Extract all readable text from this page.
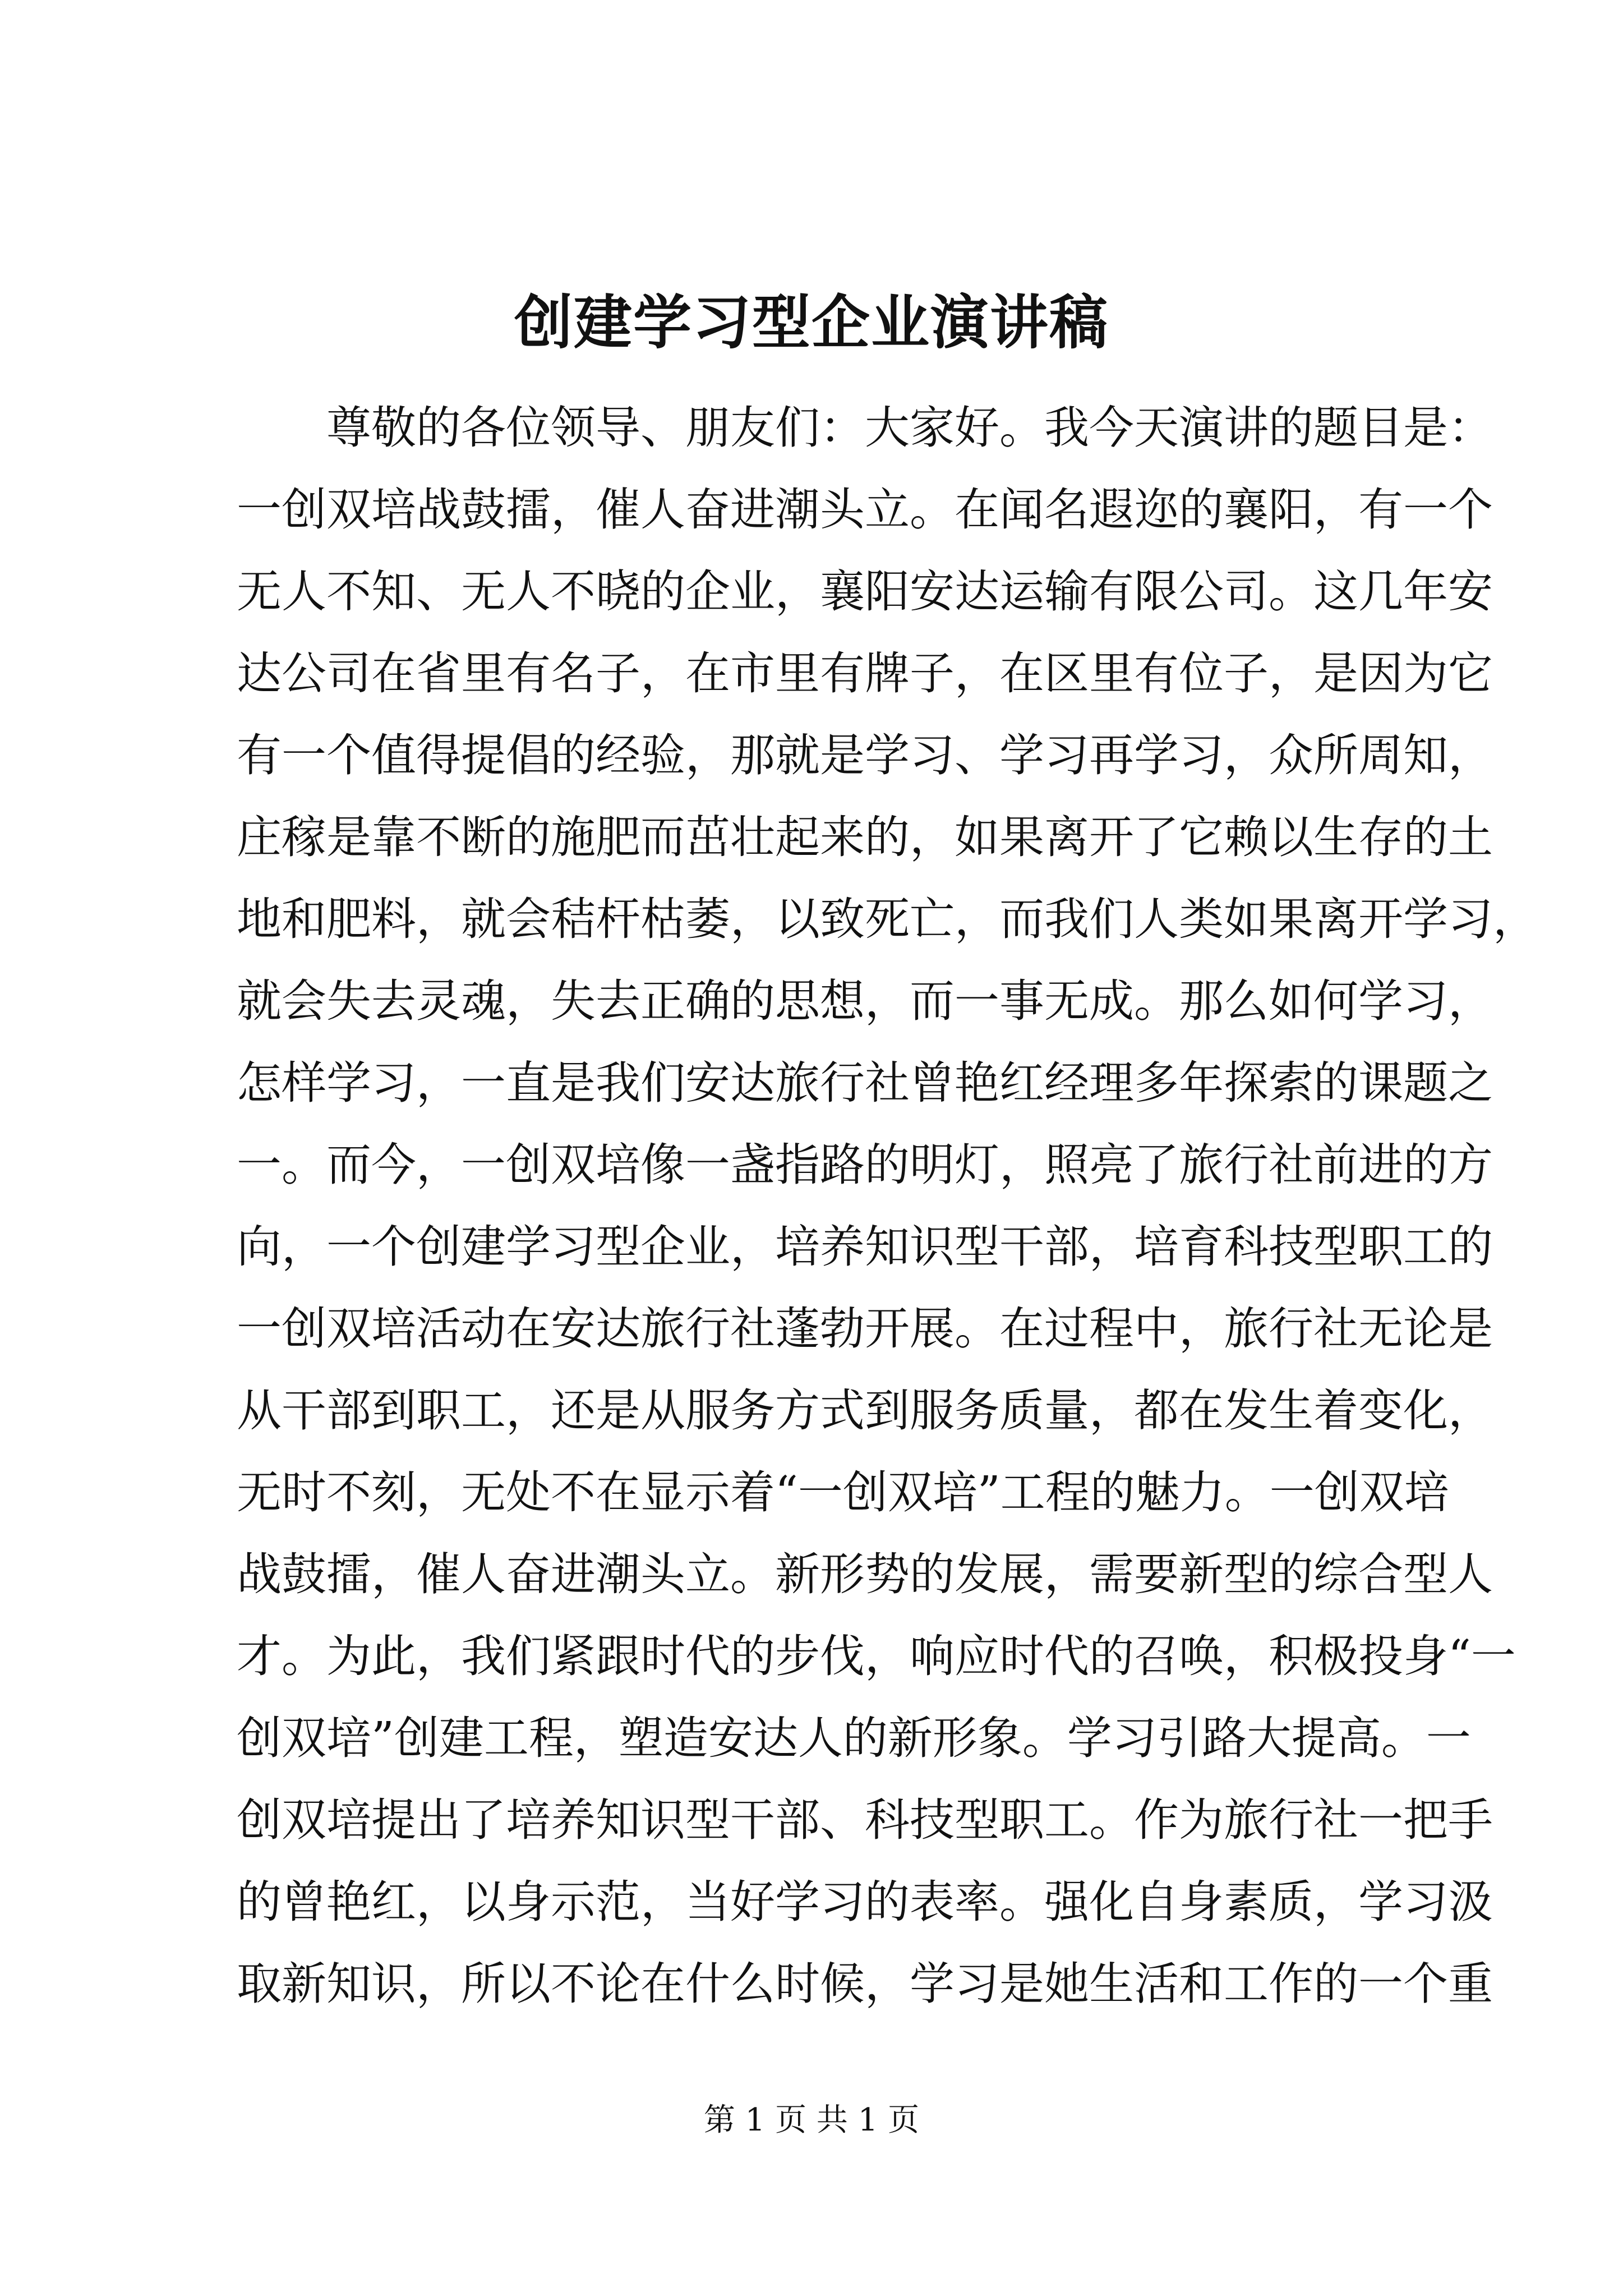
创建学习型企业演讲稿
尊敬的各位领导、朋友们：大家好。我今天演讲的题目是：
一创双培战鼓擂，催人奋进潮头立。在闻名遐迩的襄阳，有一个
无人不知、无人不晓的企业，襄阳安达运输有限公司。这几年安
达公司在省里有名子，在市里有牌子，在区里有位子，是因为它
有一个值得提倡的经验，那就是学习、学习再学习，众所周知，
庄稼是靠不断的施肥而茁壮起来的，如果离开了它赖以生存的土
地和肥料，就会秸杆枯萎，以致死亡，而我们人类如果离开学习，
就会失去灵魂，失去正确的思想，而一事无成。那么如何学习，
怎样学习，一直是我们安达旅行社曾艳红经理多年探索的课题之
一。而今，一创双培像一盏指路的明灯，照亮了旅行社前进的方
向，一个创建学习型企业，培养知识型干部，培育科技型职工的
一创双培活动在安达旅行社蓬勃开展。在过程中，旅行社无论是
从干部到职工，还是从服务方式到服务质量，都在发生着变化，
无时不刻，无处不在显示着“一创双培”工程的魅力。一创双培
战鼓擂，催人奋进潮头立。新形势的发展，需要新型的综合型人
才。为此，我们紧跟时代的步伐，响应时代的召唤，积极投身“一
创双培”创建工程，塑造安达人的新形象。学习引路大提高。一
创双培提出了培养知识型干部、科技型职工。作为旅行社一把手
的曾艳红，以身示范，当好学习的表率。强化自身素质，学习汲
取新知识，所以不论在什么时候，学习是她生活和工作的一个重
第 1 页 共 1 页
